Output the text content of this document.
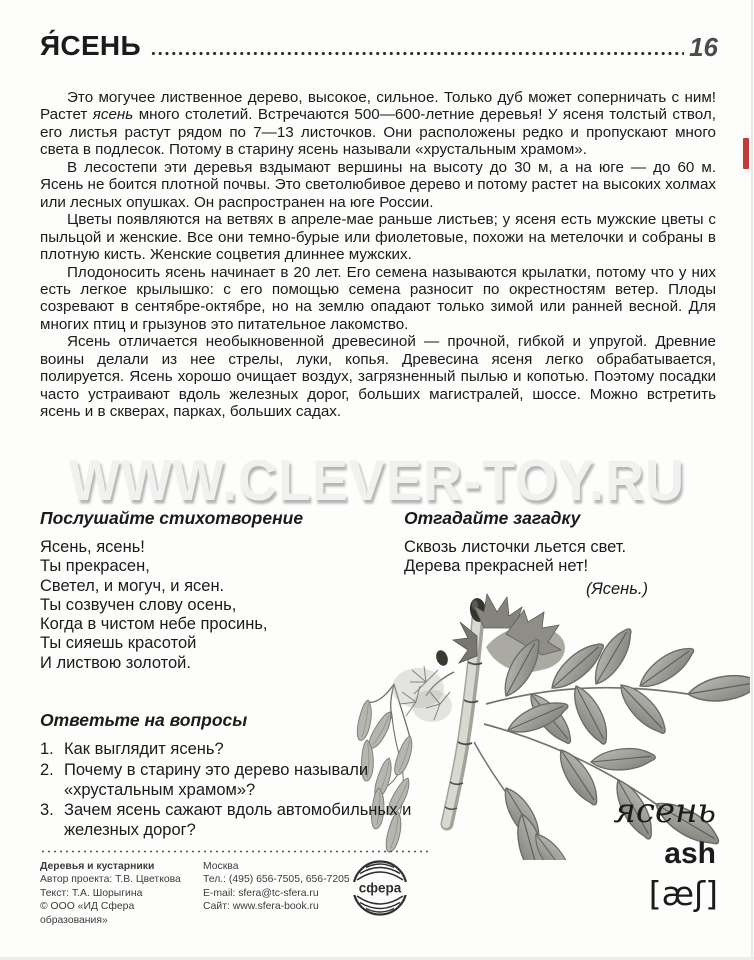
Я́СЕНЬ	16
WWW.CLEVER-TOY.RU

Это могучее лиственное дерево, высокое, сильное. Только дуб может соперничать с ним! Растет ясень много столетий. Встречаются 500—600-летние деревья! У ясеня толстый ствол, его листья растут рядом по 7—13 листочков. Они расположены редко и пропускают много света в подлесок. Потому в старину ясень называли «хрустальным храмом».

В лесостепи эти деревья вздымают вершины на высоту до 30 м, а на юге — до 60 м. Ясень не боится плотной почвы. Это светолюбивое дерево и потому растет на высоких холмах или лесных опушках. Он распространен на юге России.

Цветы появляются на ветвях в апреле-мае раньше листьев; у ясеня есть мужские цветы с пыльцой и женские. Все они темно-бурые или фиолетовые, похожи на метелочки и собраны в плотную кисть. Женские соцветия длиннее мужских.

Плодоносить ясень начинает в 20 лет. Его семена называются крылатки, потому что у них есть легкое крылышко: с его помощью семена разносит по окрестностям ветер. Плоды созревают в сентябре-октябре, но на землю опадают только зимой или ранней весной. Для многих птиц и грызунов это питательное лакомство.

Ясень отличается необыкновенной древесиной — прочной, гибкой и упругой. Древние воины делали из нее стрелы, луки, копья. Древесина ясеня легко обрабатывается, полируется. Ясень хорошо очищает воздух, загрязненный пылью и копотью. Поэтому посадки часто устраивают вдоль железных дорог, больших магистралей, шоссе. Можно встретить ясень и в скверах, парках, больших садах.

Послушайте стихотворение
Ясень, ясень!
Ты прекрасен,
Светел, и могуч, и ясен.
Ты созвучен слову осень,
Когда в чистом небе просинь,
Ты сияешь красотой
И листвою золотой.
Отгадайте загадку
Сквозь листочки льется свет.
Дерева прекрасней нет!
(Ясень.)
Ответьте на вопросы
1. Как выглядит ясень?
2. Почему в старину это дерево называли «хрустальным храмом»?
3. Зачем ясень сажают вдоль автомобильных и железных дорог?	ясень
ash
[æʃ]
Деревья и кустарники
Автор проекта: Т.В. Цветкова
Текст: Т.А. Шорыгина
© ООО «ИД Сфера образования»
Москва
Тел.: (495) 656-7505, 656-7205
E-mail: sfera@tc-sfera.ru
Сайт: www.sfera-book.ru
сфера
